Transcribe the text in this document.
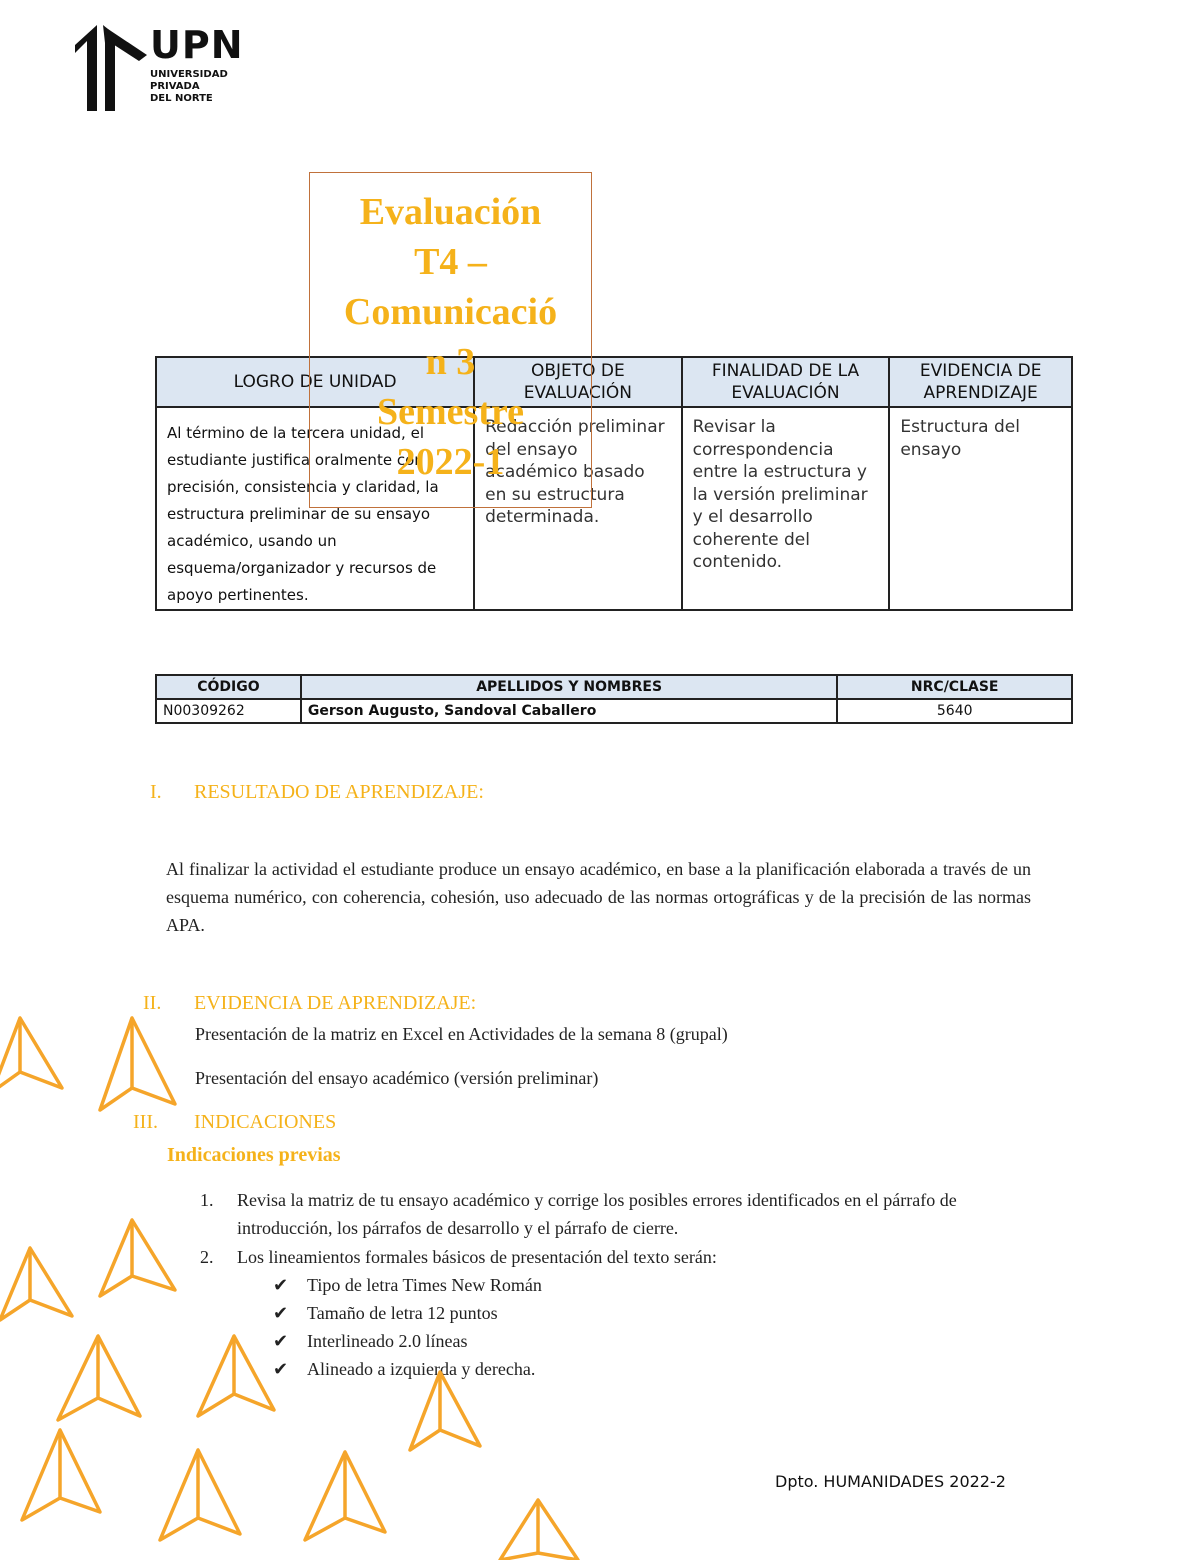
UPN
UNIVERSIDAD
PRIVADA
DEL NORTE
Evaluación
T4 –
Comunicació
n 3
Semestre
2022-1
LOGRO DE UNIDAD	OBJETO DE EVALUACIÓN	FINALIDAD DE LA EVALUACIÓN	EVIDENCIA DE APRENDIZAJE
Al término de la tercera unidad, el estudiante justifica oralmente con precisión, consistencia y claridad, la estructura preliminar de su ensayo académico, usando un esquema/organizador y recursos de apoyo pertinentes.	Redacción preliminar del ensayo académico basado en su estructura determinada.	Revisar la correspondencia entre la estructura y la versión preliminar y el desarrollo coherente del contenido.	Estructura del ensayo
CÓDIGO	APELLIDOS Y NOMBRES	NRC/CLASE
N00309262	Gerson Augusto, Sandoval Caballero	5640
I. RESULTADO DE APRENDIZAJE:
Al finalizar la actividad el estudiante produce un ensayo académico, en base a la planificación elaborada a través de un esquema numérico, con coherencia, cohesión, uso adecuado de las normas ortográficas y de la precisión de las normas APA.
II. EVIDENCIA DE APRENDIZAJE:
Presentación de la matriz en Excel en Actividades de la semana 8 (grupal)
Presentación del ensayo académico (versión preliminar)
III. INDICACIONES
Indicaciones previas
1.	Revisa la matriz de tu ensayo académico y corrige los posibles errores identificados en el párrafo de introducción, los párrafos de desarrollo y el párrafo de cierre.
2.	Los lineamientos formales básicos de presentación del texto serán:
✔ Tipo de letra Times New Román
✔ Tamaño de letra 12 puntos
✔ Interlineado 2.0 líneas
✔ Alineado a izquierda y derecha.
Dpto. HUMANIDADES 2022-2
